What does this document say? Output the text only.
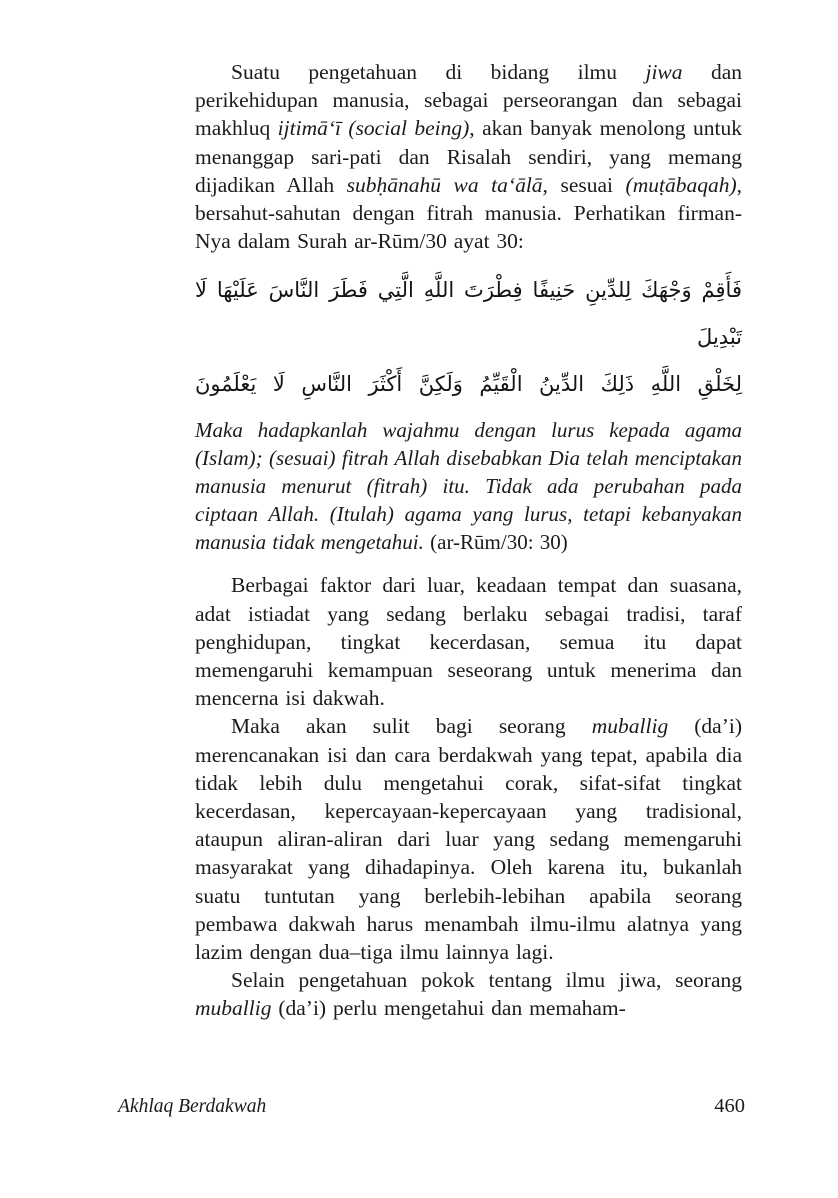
Suatu pengetahuan di bidang ilmu jiwa dan perikehidupan manusia, sebagai perseorangan dan sebagai makhluq ijtimā‘ī (social being), akan banyak menolong untuk menanggap sari-pati dan Risalah sendiri, yang memang dijadikan Allah subḥānahū wa ta‘ālā, sesuai (muṭābaqah), bersahut-sahutan dengan fitrah manusia. Perhatikan firman-Nya dalam Surah ar-Rūm/30 ayat 30:

فَأَقِمْ وَجْهَكَ لِلدِّينِ حَنِيفًا فِطْرَتَ اللَّهِ الَّتِي فَطَرَ النَّاسَ عَلَيْهَا لَا تَبْدِيلَ
لِخَلْقِ اللَّهِ ذَلِكَ الدِّينُ الْقَيِّمُ وَلَكِنَّ أَكْثَرَ النَّاسِ لَا يَعْلَمُونَ

Maka hadapkanlah wajahmu dengan lurus kepada agama (Islam); (sesuai) fitrah Allah disebabkan Dia telah menciptakan manusia menurut (fitrah) itu. Tidak ada perubahan pada ciptaan Allah. (Itulah) agama yang lurus, tetapi kebanyakan manusia tidak mengetahui. (ar-Rūm/30: 30)

Berbagai faktor dari luar, keadaan tempat dan suasana, adat istiadat yang sedang berlaku sebagai tradisi, taraf penghidupan, tingkat kecerdasan, semua itu dapat memengaruhi kemampuan seseorang untuk menerima dan mencerna isi dakwah.

Maka akan sulit bagi seorang muballig (da’i) merencanakan isi dan cara berdakwah yang tepat, apabila dia tidak lebih dulu mengetahui corak, sifat-sifat tingkat kecerdasan, kepercayaan-kepercayaan yang tradisional, ataupun aliran-aliran dari luar yang sedang memengaruhi masyarakat yang dihadapinya. Oleh karena itu, bukanlah suatu tuntutan yang berlebih-lebihan apabila seorang pembawa dakwah harus menambah ilmu-ilmu alatnya yang lazim dengan dua–tiga ilmu lainnya lagi.

Selain pengetahuan pokok tentang ilmu jiwa, seorang muballig (da’i) perlu mengetahui dan memaham-

Akhlaq Berdakwah	460
